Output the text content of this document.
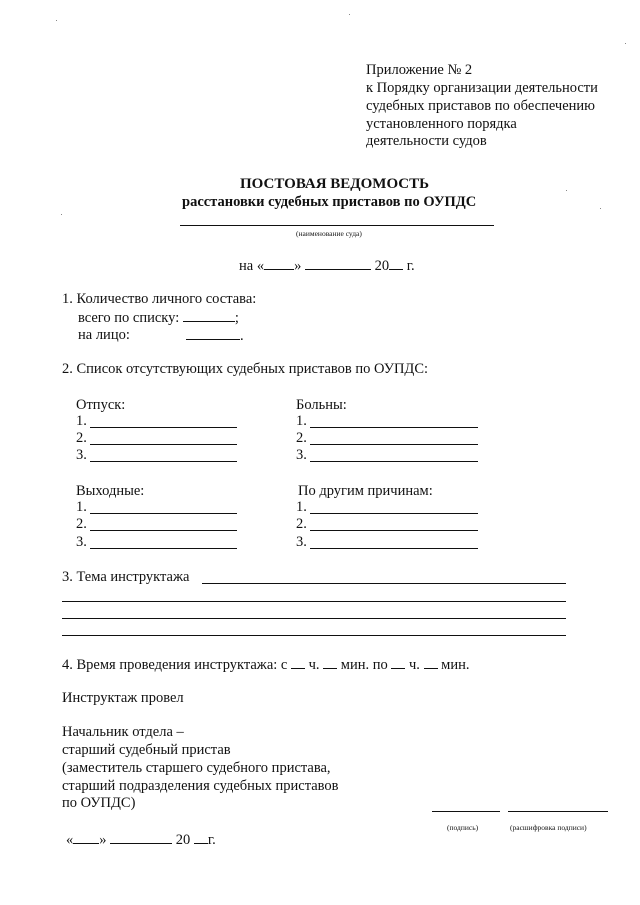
Приложение № 2
к Порядку организации деятельности
судебных приставов по обеспечению
установленного порядка
деятельности судов
ПОСТОВАЯ ВЕДОМОСТЬ
расстановки судебных приставов по ОУПДС
(наименование суда)
на « »	20 г.
1. Количество личного состава:
всего по списку:	;
на лицо:	.
2. Список отсутствующих судебных приставов по ОУПДС:
Отпуск:
1.
2.
3.
Больны:
1.
2.
3.
Выходные:
1.
2.
3.
По другим причинам:
1.
2.
3.
3. Тема инструктажа
4. Время проведения инструктажа: с ч. мин. по ч. мин.
Инструктаж провел
Начальник отдела –
старший судебный пристав
(заместитель старшего судебного пристава,
старший подразделения судебных приставов
по ОУПДС)
(подпись)	(расшифровка подписи)
« »	20 г.
